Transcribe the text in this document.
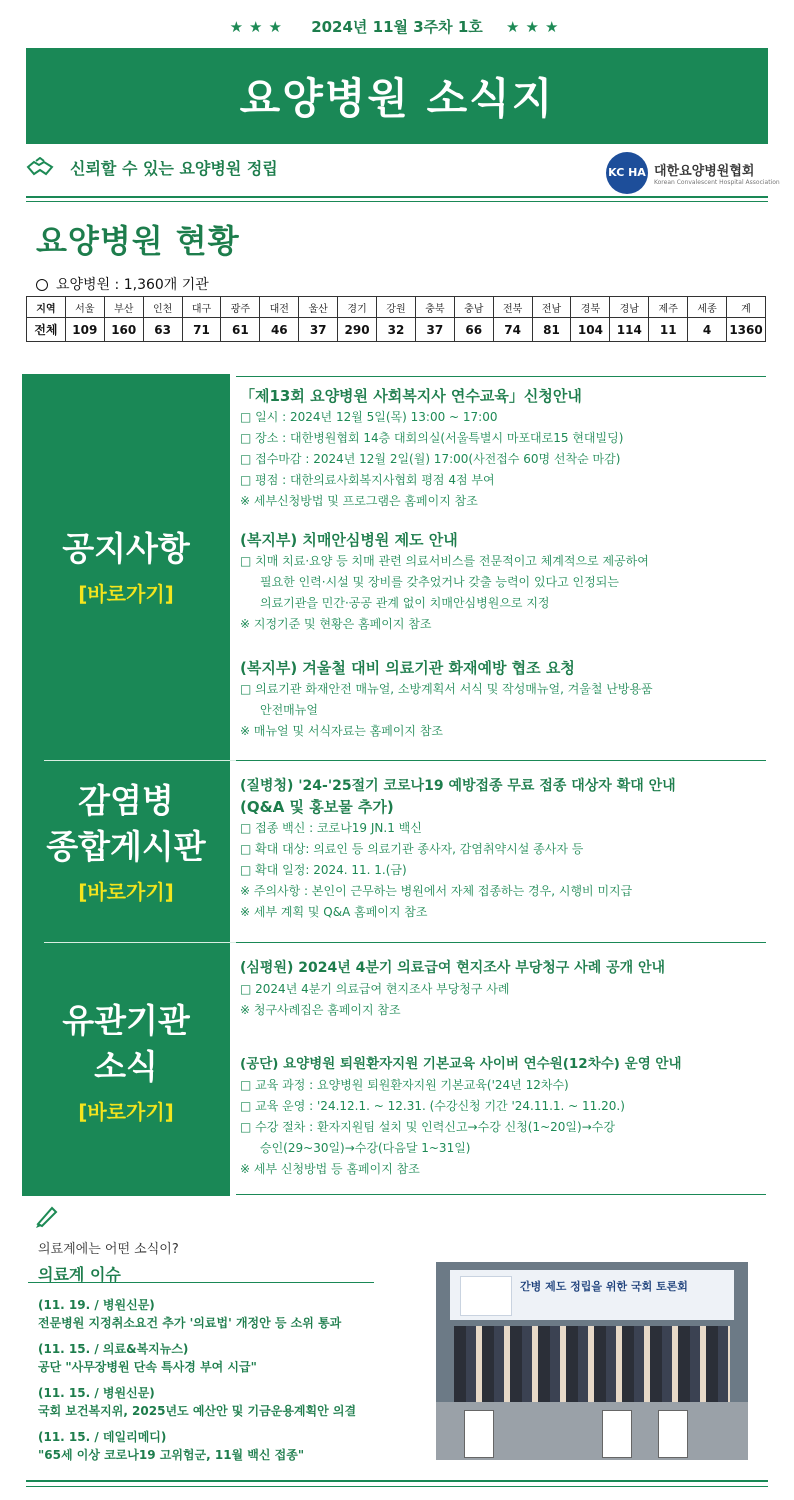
★★★ 2024년 11월 3주차 1호 ★★★
요양병원 소식지
신뢰할 수 있는 요양병원 정립	KC HA 대한요양병원협회
Korean Convalescent Hospital Association
요양병원 현황
요양병원 : 1,360개 기관
지역	서울	부산	인천	대구	광주	대전	울산	경기	강원	충북	충남	전북	전남	경북	경남	제주	세종	계
전체	109	160	63	71	61	46	37	290	32	37	66	74	81	104	114	11	4	1360
공지사항
[바로가기]
감염병
종합게시판
[바로가기]
유관기관
소식
[바로가기]
「제13회 요양병원 사회복지사 연수교육」신청안내
□ 일시 : 2024년 12월 5일(목) 13:00 ~ 17:00
□ 장소 : 대한병원협회 14층 대회의실(서울특별시 마포대로15 현대빌딩)
□ 접수마감 : 2024년 12월 2일(월) 17:00(사전접수 60명 선착순 마감)
□ 평점 : 대한의료사회복지사협회 평점 4점 부여
※ 세부신청방법 및 프로그램은 홈페이지 참조
(복지부) 치매안심병원 제도 안내
□ 치매 치료·요양 등 치매 관련 의료서비스를 전문적이고 체계적으로 제공하여
필요한 인력·시설 및 장비를 갖추었거나 갖출 능력이 있다고 인정되는
의료기관을 민간·공공 관계 없이 치매안심병원으로 지정
※ 지정기준 및 현황은 홈페이지 참조
(복지부) 겨울철 대비 의료기관 화재예방 협조 요청
□ 의료기관 화재안전 매뉴얼, 소방계획서 서식 및 작성매뉴얼, 겨울철 난방용품
안전매뉴얼
※ 매뉴얼 및 서식자료는 홈페이지 참조
(질병청) '24-'25절기 코로나19 예방접종 무료 접종 대상자 확대 안내
(Q&A 및 홍보물 추가)
□ 접종 백신 : 코로나19 JN.1 백신
□ 확대 대상: 의료인 등 의료기관 종사자, 감염취약시설 종사자 등
□ 확대 일정: 2024. 11. 1.(금)
※ 주의사항 : 본인이 근무하는 병원에서 자체 접종하는 경우, 시행비 미지급
※ 세부 계획 및 Q&A 홈페이지 참조
(심평원) 2024년 4분기 의료급여 현지조사 부당청구 사례 공개 안내
□ 2024년 4분기 의료급여 현지조사 부당청구 사례
※ 청구사례집은 홈페이지 참조
(공단) 요양병원 퇴원환자지원 기본교육 사이버 연수원(12차수) 운영 안내
□ 교육 과정 : 요양병원 퇴원환자지원 기본교육('24년 12차수)
□ 교육 운영 : '24.12.1. ~ 12.31. (수강신청 기간 '24.11.1. ~ 11.20.)
□ 수강 절차 : 환자지원팀 설치 및 인력신고→수강 신청(1~20일)→수강
승인(29~30일)→수강(다음달 1~31일)
※ 세부 신청방법 등 홈페이지 참조
의료계에는 어떤 소식이?
의료계 이슈
(11. 19. / 병원신문)
전문병원 지정취소요건 추가 '의료법' 개정안 등 소위 통과
(11. 15. / 의료&복지뉴스)
공단 "사무장병원 단속 특사경 부여 시급"
(11. 15. / 병원신문)
국회 보건복지위, 2025년도 예산안 및 기금운용계획안 의결
(11. 15. / 데일리메디)
"65세 이상 코로나19 고위험군, 11월 백신 접종"
간병 제도 정립을 위한 국회 토론회
